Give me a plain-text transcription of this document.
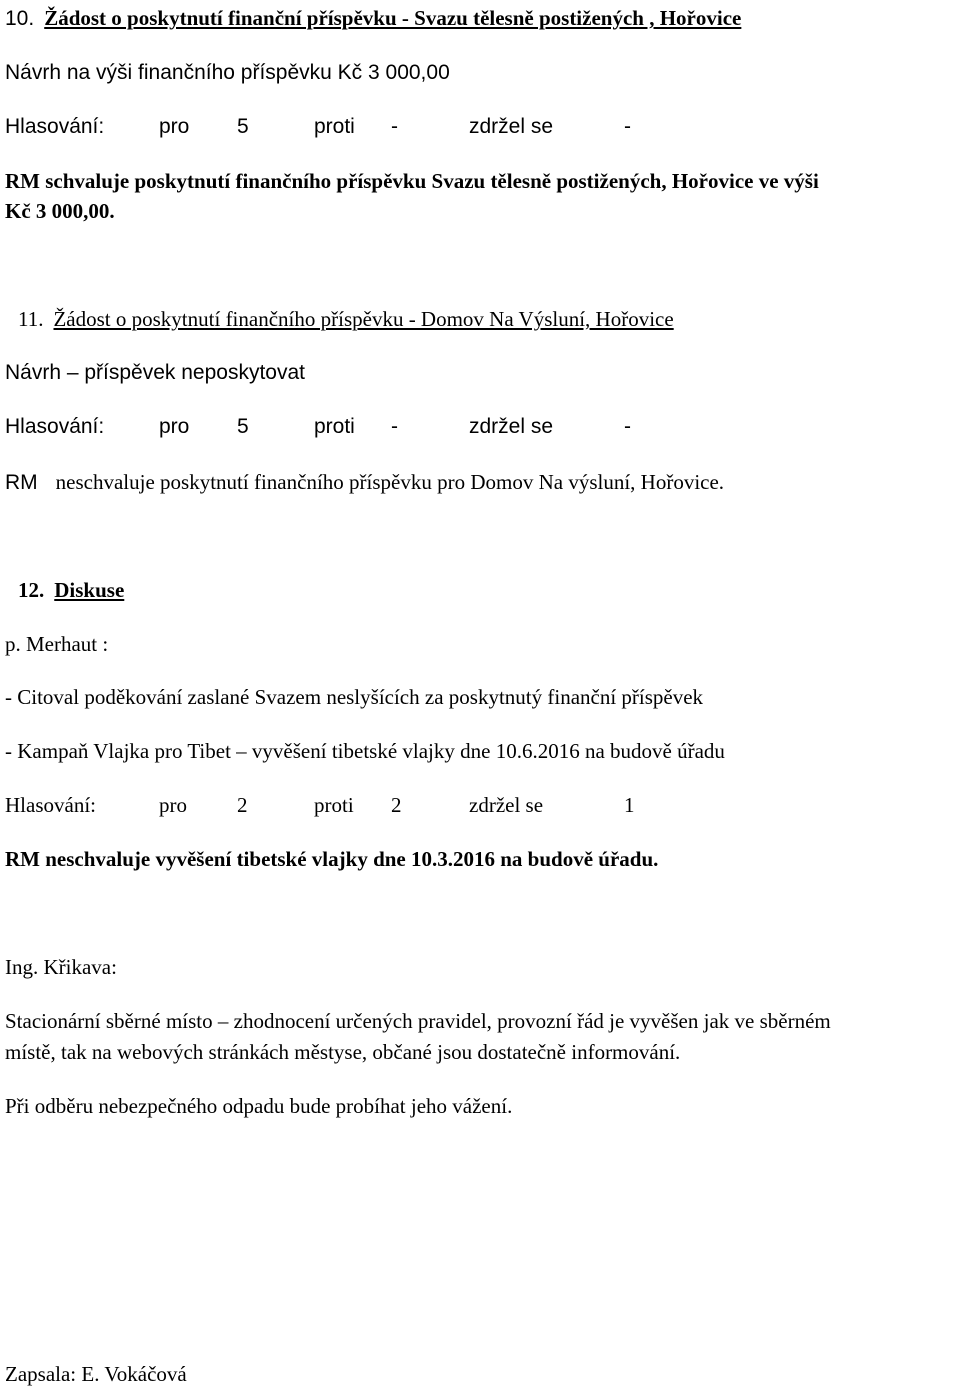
10. Žádost o poskytnutí finanční příspěvku - Svazu tělesně postižených , Hořovice
Návrh na výši finančního příspěvku Kč 3 000,00
Hlasování:	pro 5	proti -	zdržel se	-
RM schvaluje poskytnutí finančního příspěvku Svazu tělesně postižených, Hořovice ve výši
Kč 3 000,00.
11. Žádost o poskytnutí finančního příspěvku - Domov Na Výsluní, Hořovice
Návrh – příspěvek neposkytovat
Hlasování:	pro 5	proti -	zdržel se	-
RM neschvaluje poskytnutí finančního příspěvku pro Domov Na výsluní, Hořovice.
12. Diskuse
p. Merhaut :
- Citoval poděkování zaslané Svazem neslyšících za poskytnutý finanční příspěvek
- Kampaň Vlajka pro Tibet – vyvěšení tibetské vlajky dne 10.6.2016 na budově úřadu
Hlasování:	pro 2	proti 2	zdržel se	1
RM neschvaluje vyvěšení tibetské vlajky dne 10.3.2016 na budově úřadu.
Ing. Křikava:
Stacionární sběrné místo – zhodnocení určených pravidel, provozní řád je vyvěšen jak ve sběrném
místě, tak na webových stránkách městyse, občané jsou dostatečně informování.
Při odběru nebezpečného odpadu bude probíhat jeho vážení.
Zapsala: E. Vokáčová
